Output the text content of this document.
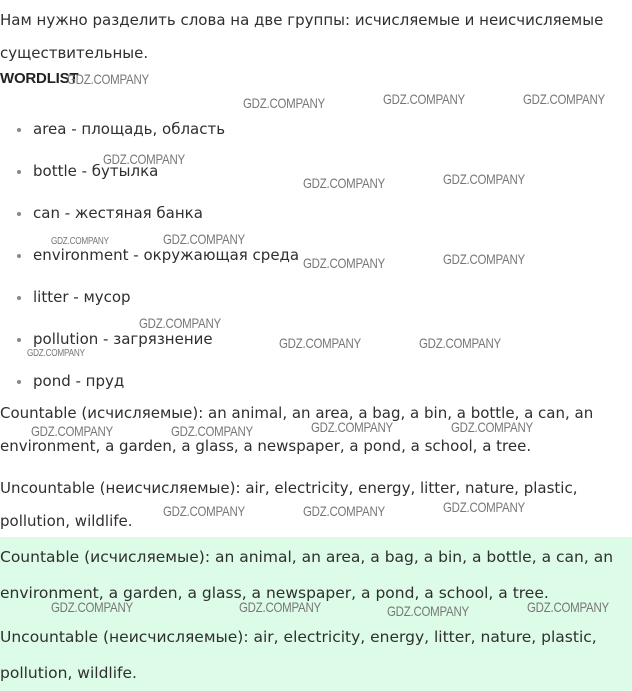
Нам нужно разделить слова на две группы: исчисляемые и неисчисляемые существительные.

WORDLIST
area - площадь, область
bottle - бутылка
can - жестяная банка
environment - окружающая среда
litter - мусор
pollution - загрязнение
pond - пруд

Countable (исчисляемые): an animal, an area, a bag, a bin, a bottle, a can, an environment, a garden, a glass, a newspaper, a pond, a school, a tree.

Uncountable (неисчисляемые): air, electricity, energy, litter, nature, plastic, pollution, wildlife.

Countable (исчисляемые): an animal, an area, a bag, a bin, a bottle, a can, an environment, a garden, a glass, a newspaper, a pond, a school, a tree.

Uncountable (неисчисляемые): air, electricity, energy, litter, nature, plastic, pollution, wildlife.

GDZ.COMPANY
GDZ.COMPANY	GDZ.COMPANY	GDZ.COMPANY
GDZ.COMPANY
GDZ.COMPANY	GDZ.COMPANY
GDZ.COMPANY	GDZ.COMPANY
GDZ.COMPANY	GDZ.COMPANY
GDZ.COMPANY
GDZ.COMPANY
GDZ.COMPANY	GDZ.COMPANY
GDZ.COMPANY	GDZ.COMPANY	GDZ.COMPANY	GDZ.COMPANY
GDZ.COMPANY	GDZ.COMPANY	GDZ.COMPANY
GDZ.COMPANY	GDZ.COMPANY	GDZ.COMPANY	GDZ.COMPANY
